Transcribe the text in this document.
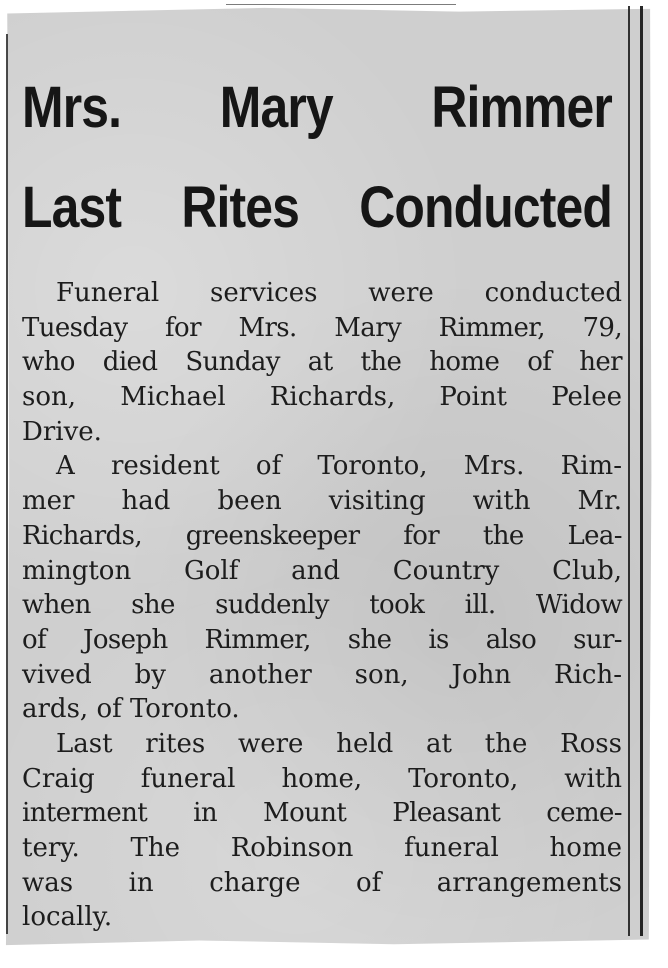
Mrs. Mary Rimmer
Last Rites Conducted
Funeral services were conducted
Tuesday for Mrs. Mary Rimmer, 79,
who died Sunday at the home of her
son, Michael Richards, Point Pelee
Drive.
A resident of Toronto, Mrs. Rim-
mer had been visiting with Mr.
Richards, greenskeeper for the Lea-
mington Golf and Country Club,
when she suddenly took ill. Widow
of Joseph Rimmer, she is also sur-
vived by another son, John Rich-
ards, of Toronto.
Last rites were held at the Ross
Craig funeral home, Toronto, with
interment in Mount Pleasant ceme-
tery. The Robinson funeral home
was in charge of arrangements
locally.
